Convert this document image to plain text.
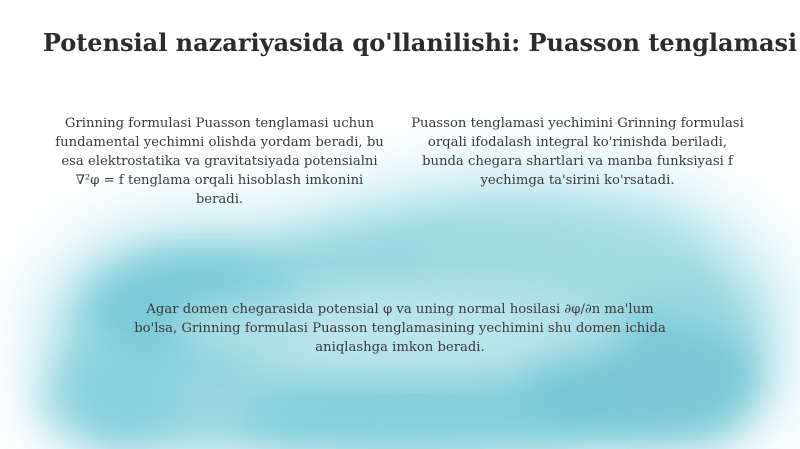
Potensial nazariyasida qo'llanilishi: Puasson tenglamasi
Grinning formulasi Puasson tenglamasi uchun fundamental yechimni olishda yordam beradi, bu esa elektrostatika va gravitatsiyada potensialni ∇²φ = f tenglama orqali hisoblash imkonini beradi.
Puasson tenglamasi yechimini Grinning formulasi orqali ifodalash integral ko'rinishda beriladi, bunda chegara shartlari va manba funksiyasi f yechimga ta'sirini ko'rsatadi.
Agar domen chegarasida potensial φ va uning normal hosilasi ∂φ/∂n ma'lum bo'lsa, Grinning formulasi Puasson tenglamasining yechimini shu domen ichida aniqlashga imkon beradi.
